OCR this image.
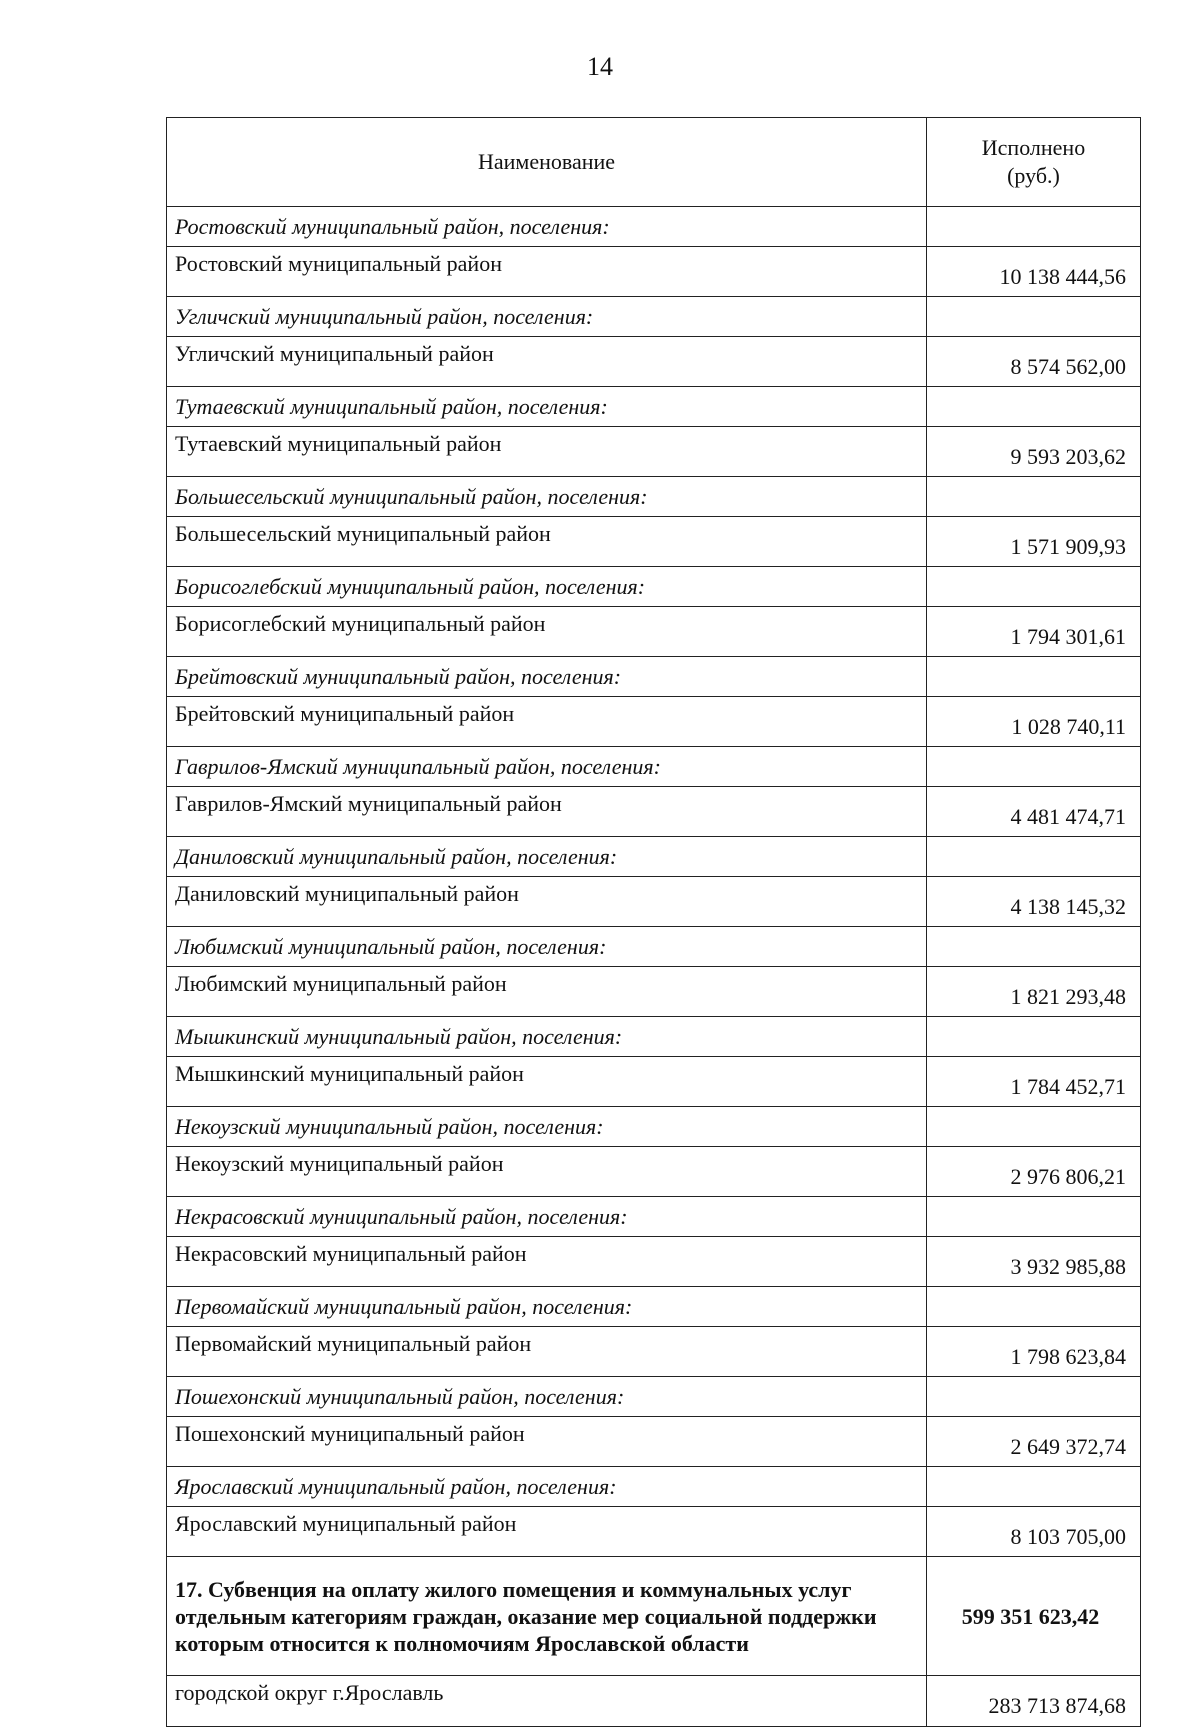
14
Наименование	Исполнено
(руб.)

Ростовский муниципальный район, поселения:	
Ростовский муниципальный район	10 138 444,56
Угличский муниципальный район, поселения:	
Угличский муниципальный район	8 574 562,00
Тутаевский муниципальный район, поселения:	
Тутаевский муниципальный район	9 593 203,62
Большесельский муниципальный район, поселения:	
Большесельский муниципальный район	1 571 909,93
Борисоглебский муниципальный район, поселения:	
Борисоглебский муниципальный район	1 794 301,61
Брейтовский муниципальный район, поселения:	
Брейтовский муниципальный район	1 028 740,11
Гаврилов-Ямский муниципальный район, поселения:	
Гаврилов-Ямский муниципальный район	4 481 474,71
Даниловский муниципальный район, поселения:	
Даниловский муниципальный район	4 138 145,32
Любимский муниципальный район, поселения:	
Любимский муниципальный район	1 821 293,48
Мышкинский муниципальный район, поселения:	
Мышкинский муниципальный район	1 784 452,71
Некоузский муниципальный район, поселения:	
Некоузский муниципальный район	2 976 806,21
Некрасовский муниципальный район, поселения:	
Некрасовский муниципальный район	3 932 985,88
Первомайский муниципальный район, поселения:	
Первомайский муниципальный район	1 798 623,84
Пошехонский муниципальный район, поселения:	
Пошехонский муниципальный район	2 649 372,74
Ярославский муниципальный район, поселения:	
Ярославский муниципальный район	8 103 705,00
17. Субвенция на оплату жилого помещения и коммунальных услуг отдельным категориям граждан, оказание мер социальной поддержки которым относится к полномочиям Ярославской области	599 351 623,42
городской округ г.Ярославль	283 713 874,68
